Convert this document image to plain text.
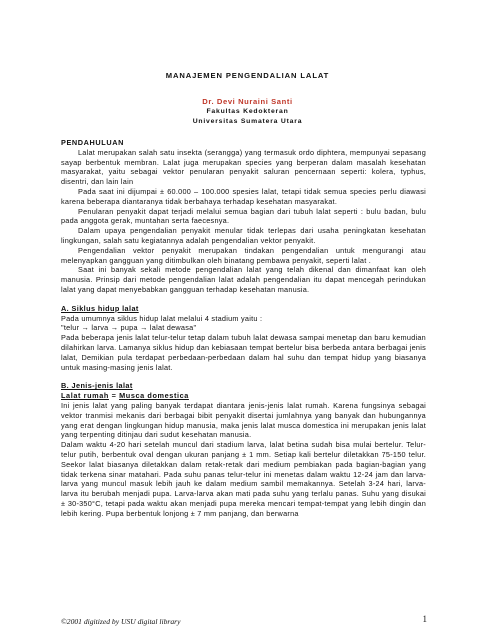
MANAJEMEN PENGENDALIAN LALAT
Dr. Devi Nuraini Santi
Fakultas Kedokteran
Universitas Sumatera Utara

PENDAHULUAN

Lalat merupakan salah satu insekta (serangga) yang termasuk ordo diphtera, mempunyai sepasang sayap berbentuk membran. Lalat juga merupakan species yang berperan dalam masalah kesehatan masyarakat, yaitu sebagai vektor penularan penyakit saluran pencernaan seperti: kolera, typhus, disentri, dan lain lain

Pada saat ini dijumpai ± 60.000 – 100.000 spesies lalat, tetapi tidak semua species perlu diawasi karena beberapa diantaranya tidak berbahaya terhadap kesehatan masyarakat.

Penularan penyakit dapat terjadi melalui semua bagian dari tubuh lalat seperti : bulu badan, bulu pada anggota gerak, muntahan serta faecesnya.

Dalam upaya pengendalian penyakit menular tidak terlepas dari usaha peningkatan kesehatan lingkungan, salah satu kegiatannya adalah pengendalian vektor penyakit.

Pengendalian vektor penyakit merupakan tindakan pengendalian untuk mengurangi atau melenyapkan gangguan yang ditimbulkan oleh binatang pembawa penyakit, seperti lalat .

Saat ini banyak sekali metode pengendalian lalat yang telah dikenal dan dimanfaat kan oleh manusia. Prinsip dari metode pengendalian lalat adalah pengendalian itu dapat mencegah perindukan lalat yang dapat menyebabkan gangguan terhadap kesehatan manusia.

A. Siklus hidup lalat

Pada umumnya siklus hidup lalat melalui 4 stadium yaitu :

"telur → larva → pupa → lalat dewasa"

Pada beberapa jenis lalat telur-telur tetap dalam tubuh lalat dewasa sampai menetap dan baru kemudian dilahirkan larva. Lamanya siklus hidup dan kebiasaan tempat bertelur bisa berbeda antara berbagai jenis lalat, Demikian pula terdapat perbedaan-perbedaan dalam hal suhu dan tempat hidup yang biasanya untuk masing-masing jenis lalat.

B. Jenis-jenis lalat

Lalat rumah = Musca domestica

Ini jenis lalat yang paling banyak terdapat diantara jenis-jenis lalat rumah. Karena fungsinya sebagai vektor tranmisi mekanis dari berbagai bibit penyakit disertai jumlahnya yang banyak dan hubungannya yang erat dengan lingkungan hidup manusia, maka jenis lalat musca domestica ini merupakan jenis lalat yang terpenting ditinjau dari sudut kesehatan manusia.

Dalam waktu 4-20 hari setelah muncul dari stadium larva, lalat betina sudah bisa mulai bertelur. Telur-telur putih, berbentuk oval dengan ukuran panjang ± 1 mm. Setiap kali bertelur diletakkan 75-150 telur. Seekor lalat biasanya diletakkan dalam retak-retak dari medium pembiakan pada bagian-bagian yang tidak terkena sinar matahari. Pada suhu panas telur-telur ini menetas dalam waktu 12-24 jam dan larva-larva yang muncul masuk lebih jauh ke dalam medium sambil memakannya. Setelah 3-24 hari, larva-larva itu berubah menjadi pupa. Larva-larva akan mati pada suhu yang terlalu panas. Suhu yang disukai ± 30-350°C, tetapi pada waktu akan menjadi pupa mereka mencari tempat-tempat yang lebih dingin dan lebih kering. Pupa berbentuk lonjong ± 7 mm panjang, dan berwarna

©2001 digitized by USU digital library	1
